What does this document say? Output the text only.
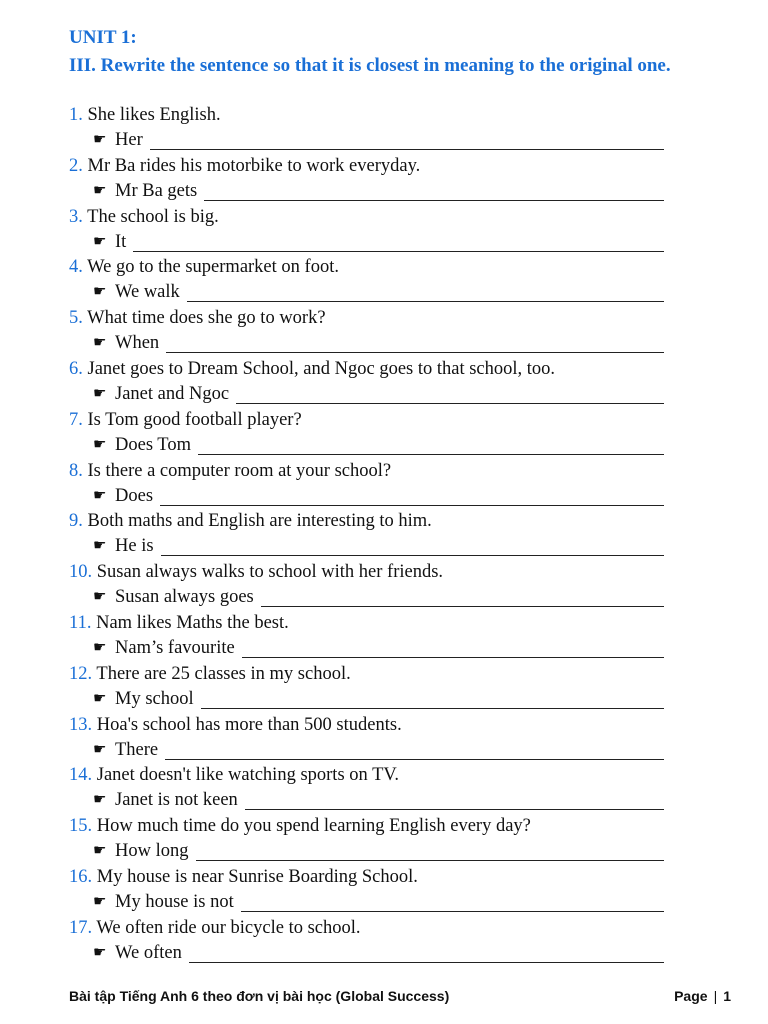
UNIT 1:
III. Rewrite the sentence so that it is closest in meaning to the original one.
1. She likes English.
☛ Her
2. Mr Ba rides his motorbike to work everyday.
☛ Mr Ba gets
3. The school is big.
☛ It
4. We go to the supermarket on foot.
☛ We walk
5. What time does she go to work?
☛ When
6. Janet goes to Dream School, and Ngoc goes to that school, too.
☛ Janet and Ngoc
7. Is Tom good football player?
☛ Does Tom
8. Is there a computer room at your school?
☛ Does
9. Both maths and English are interesting to him.
☛ He is
10. Susan always walks to school with her friends.
☛ Susan always goes
11. Nam likes Maths the best.
☛ Nam’s favourite
12. There are 25 classes in my school.
☛ My school
13. Hoa's school has more than 500 students.
☛ There
14. Janet doesn't like watching sports on TV.
☛ Janet is not keen
15. How much time do you spend learning English every day?
☛ How long
16. My house is near Sunrise Boarding School.
☛ My house is not
17. We often ride our bicycle to school.
☛ We often
Bài tập Tiếng Anh 6 theo đơn vị bài học (Global Success)	Page | 1
